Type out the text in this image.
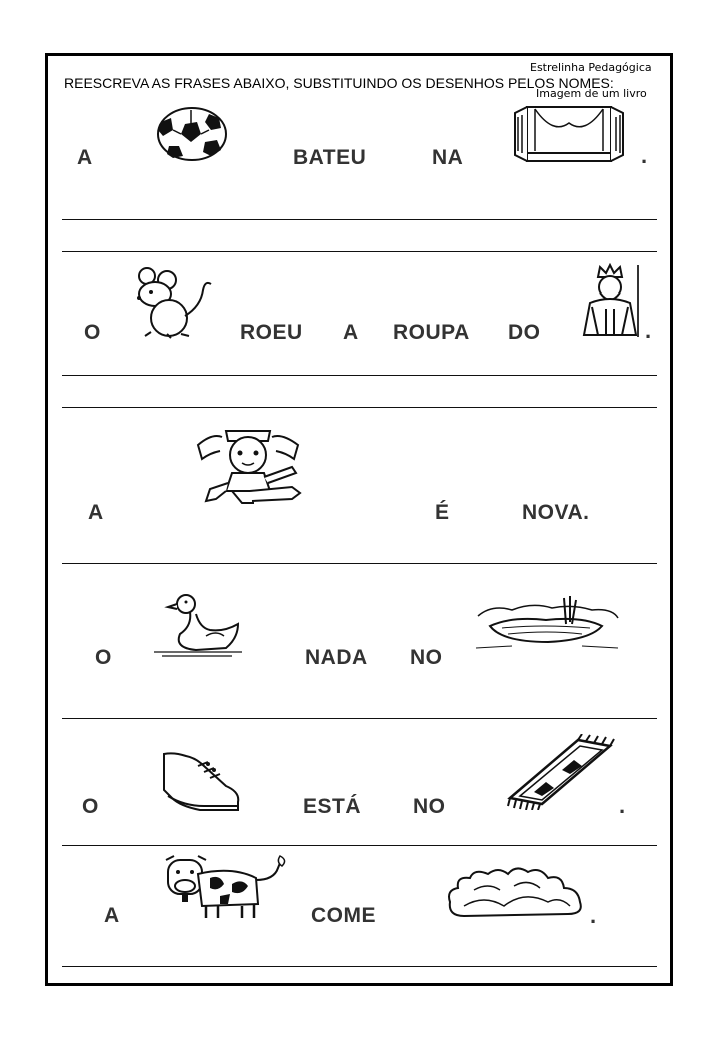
Estrelinha Pedagógica
REESCREVA AS FRASES ABAIXO, SUBSTITUINDO OS DESENHOS PELOS NOMES:
Imagem de um livro
A	BATEU	NA	.
O	ROEU A ROUPA DO	.
A	É	NOVA.
O	NADA NO
O	ESTÁ NO	.
A	COME	.
